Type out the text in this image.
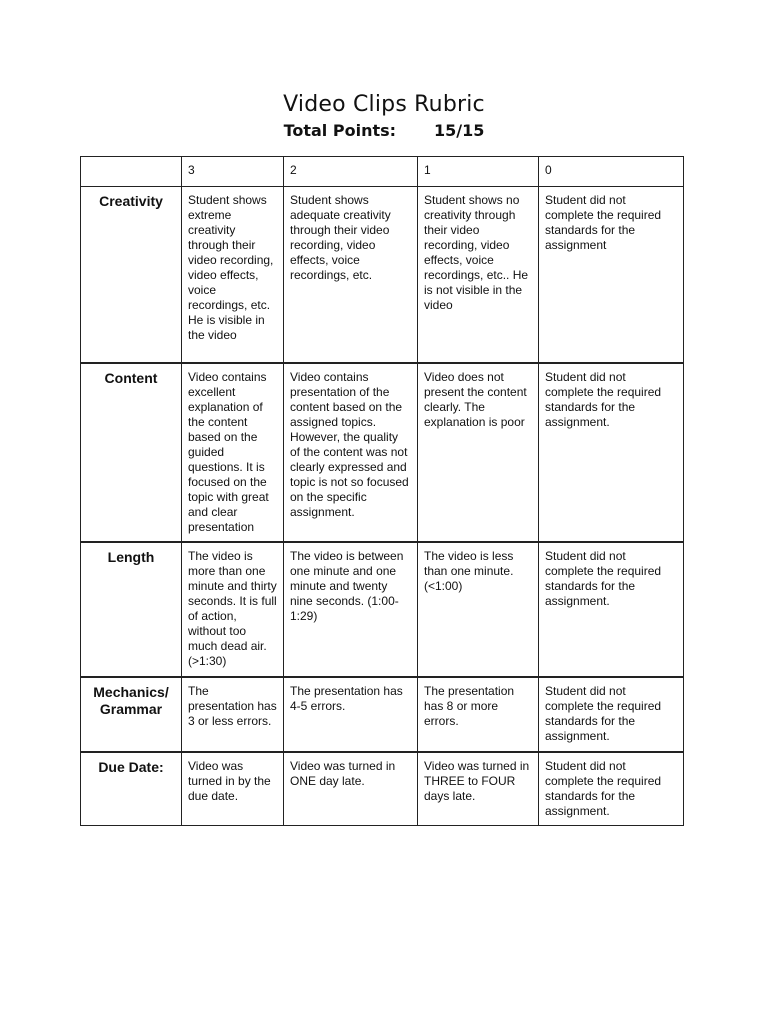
Video Clips Rubric
Total Points: 15/15
	3	2	1	0
Creativity	Student shows extreme creativity through their video recording, video effects, voice recordings, etc. He is visible in the video	Student shows adequate creativity through their video recording, video effects, voice recordings, etc.	Student shows no creativity through their video recording, video effects, voice recordings, etc.. He is not visible in the video	Student did not complete the required standards for the assignment
Content	Video contains excellent explanation of the content based on the guided questions. It is focused on the topic with great and clear presentation	Video contains presentation of the content based on the assigned topics. However, the quality of the content was not clearly expressed and topic is not so focused on the specific assignment.	Video does not present the content clearly. The explanation is poor	Student did not complete the required standards for the assignment.
Length	The video is more than one minute and thirty seconds. It is full of action, without too much dead air. (>1:30)	The video is between one minute and one minute and twenty nine seconds. (1:00-1:29)	The video is less than one minute. (<1:00)	Student did not complete the required standards for the assignment.
Mechanics/ Grammar	The presentation has 3 or less errors.	The presentation has 4-5 errors.	The presentation has 8 or more errors.	Student did not complete the required standards for the assignment.
Due Date:	Video was turned in by the due date.	Video was turned in ONE day late.	Video was turned in THREE to FOUR days late.	Student did not complete the required standards for the assignment.
